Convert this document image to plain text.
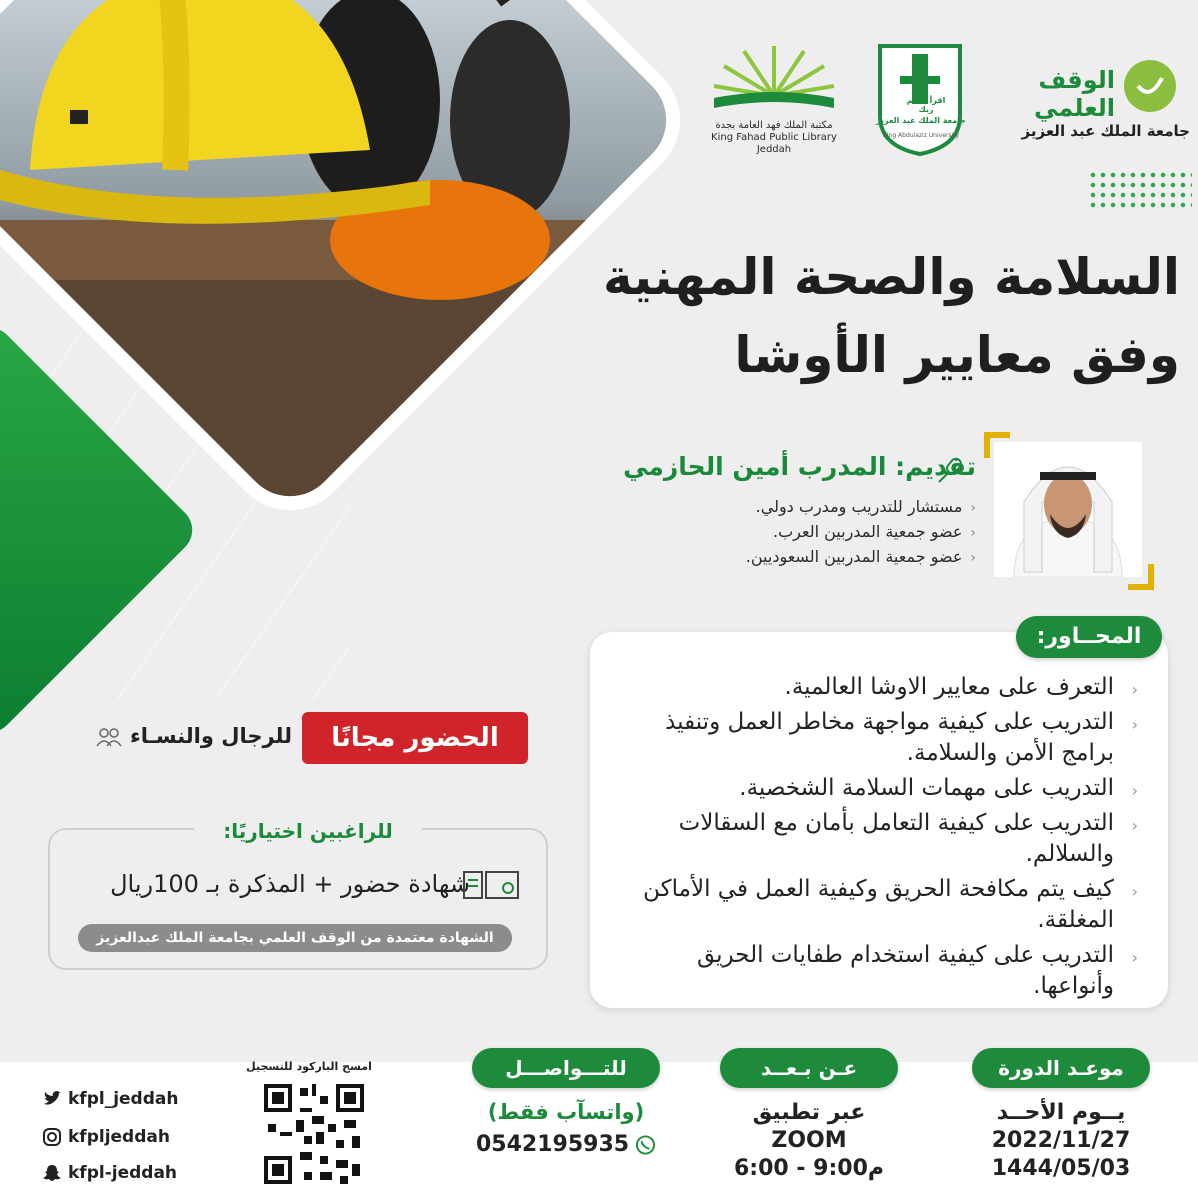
مكتبة الملك فهد العامة بجدة
King Fahad Public Library Jeddah
اقرأ باسم ربك
جامعة الملك عبد العزيز
King Abdulaziz University
الوقف العلمي
جامعة الملك عبد العزيز
السلامة والصحة المهنية
وفق معايير الأوشا
تقديم: المدرب أمين الحازمي
‹مستشار للتدريب ومدرب دولي.
‹عضو جمعية المدربين العرب.
‹عضو جمعية المدربين السعوديين.
المحــاور:
‹
التعرف على معايير الاوشا العالمية.
‹
التدريب على كيفية مواجهة مخاطر العمل وتنفيذ برامج الأمن والسلامة.
‹
التدريب على مهمات السلامة الشخصية.
‹
التدريب على كيفية التعامل بأمان مع السقالات والسلالم.
‹
كيف يتم مكافحة الحريق وكيفية العمل في الأماكن المغلقة.
‹
التدريب على كيفية استخدام طفايات الحريق وأنواعها.
الحضور مجانًا
للرجال والنسـاء
للراغبين اختياريًا:
شهادة حضور + المذكرة بـ 100ريال
الشهادة معتمدة من الوقف العلمي بجامعة الملك عبدالعزيز
موعـد الدورة
يــوم الأحــد
2022/11/27
1444/05/03
عـن بـعــد
عبر تطبيق
ZOOM
6:00 - 9:00م
للتـــواصـــل
(واتسآب فقط)
0542195935
امسح الباركود للتسجيل
kfpl_jeddah
kfpljeddah
kfpl-jeddah
